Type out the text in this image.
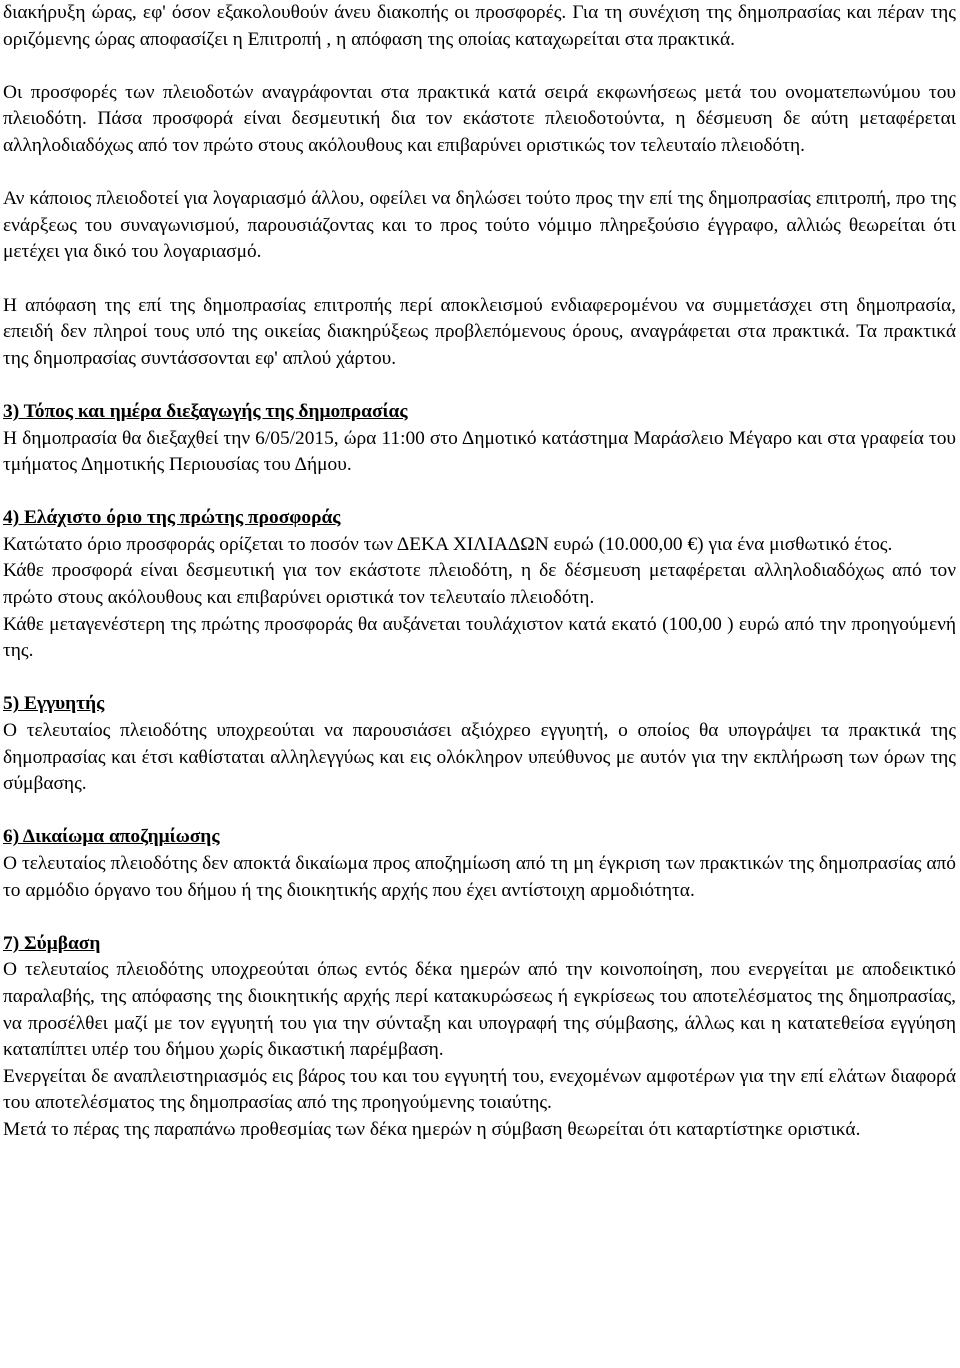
διακήρυξη ώρας, εφ' όσον εξακολουθούν άνευ διακοπής οι προσφορές. Για τη συνέχιση της δημοπρασίας και πέραν της οριζόμενης ώρας αποφασίζει η Επιτροπή , η απόφαση της οποίας καταχωρείται στα πρακτικά.

Οι προσφορές των πλειοδοτών αναγράφονται στα πρακτικά κατά σειρά εκφωνήσεως μετά του ονοματεπωνύμου του πλειοδότη. Πάσα προσφορά είναι δεσμευτική δια τον εκάστοτε πλειοδοτούντα, η δέσμευση δε αύτη μεταφέρεται αλληλοδιαδόχως από τον πρώτο στους ακόλουθους και επιβαρύνει οριστικώς τον τελευταίο πλειοδότη.

Αν κάποιος πλειοδοτεί για λογαριασμό άλλου, οφείλει να δηλώσει τούτο προς την επί της δημοπρασίας επιτροπή, προ της ενάρξεως του συναγωνισμού, παρουσιάζοντας και το προς τούτο νόμιμο πληρεξούσιο έγγραφο, αλλιώς θεωρείται ότι μετέχει για δικό του λογαριασμό.

Η απόφαση της επί της δημοπρασίας επιτροπής περί αποκλεισμού ενδιαφερομένου να συμμετάσχει στη δημοπρασία, επειδή δεν πληροί τους υπό της οικείας διακηρύξεως προβλεπόμενους όρους, αναγράφεται στα πρακτικά. Τα πρακτικά της δημοπρασίας συντάσσονται εφ' απλού χάρτου.

3) Τόπος και ημέρα διεξαγωγής της δημοπρασίας

Η δημοπρασία θα διεξαχθεί την 6/05/2015, ώρα 11:00 στο Δημοτικό κατάστημα Μαράσλειο Μέγαρο και στα γραφεία του τμήματος Δημοτικής Περιουσίας του Δήμου.

4) Ελάχιστο όριο της πρώτης προσφοράς

Κατώτατο όριο προσφοράς ορίζεται το ποσόν των ΔΕΚΑ ΧΙΛΙΑΔΩΝ ευρώ (10.000,00 €) για ένα μισθωτικό έτος.

Κάθε προσφορά είναι δεσμευτική για τον εκάστοτε πλειοδότη, η δε δέσμευση μεταφέρεται αλληλοδιαδόχως από τον πρώτο στους ακόλουθους και επιβαρύνει οριστικά τον τελευταίο πλειοδότη.

Κάθε μεταγενέστερη της πρώτης προσφοράς θα αυξάνεται τουλάχιστον κατά εκατό (100,00 ) ευρώ από την προηγούμενή της.

5) Εγγυητής

Ο τελευταίος πλειοδότης υποχρεούται να παρουσιάσει αξιόχρεο εγγυητή, ο οποίος θα υπογράψει τα πρακτικά της δημοπρασίας και έτσι καθίσταται αλληλεγγύως και εις ολόκληρον υπεύθυνος με αυτόν για την εκπλήρωση των όρων της σύμβασης.

6) Δικαίωμα αποζημίωσης

Ο τελευταίος πλειοδότης δεν αποκτά δικαίωμα προς αποζημίωση από τη μη έγκριση των πρακτικών της δημοπρασίας από το αρμόδιο όργανο του δήμου ή της διοικητικής αρχής που έχει αντίστοιχη αρμοδιότητα.

7) Σύμβαση

Ο τελευταίος πλειοδότης υποχρεούται όπως εντός δέκα ημερών από την κοινοποίηση, που ενεργείται με αποδεικτικό παραλαβής, της απόφασης της διοικητικής αρχής περί κατακυρώσεως ή εγκρίσεως του αποτελέσματος της δημοπρασίας, να προσέλθει μαζί με τον εγγυητή του για την σύνταξη και υπογραφή της σύμβασης, άλλως και η κατατεθείσα εγγύηση καταπίπτει υπέρ του δήμου χωρίς δικαστική παρέμβαση.

Ενεργείται δε αναπλειστηριασμός εις βάρος του και του εγγυητή του, ενεχομένων αμφοτέρων για την επί ελάτων διαφορά του αποτελέσματος της δημοπρασίας από της προηγούμενης τοιαύτης.

Μετά το πέρας της παραπάνω προθεσμίας των δέκα ημερών η σύμβαση θεωρείται ότι καταρτίστηκε οριστικά.
